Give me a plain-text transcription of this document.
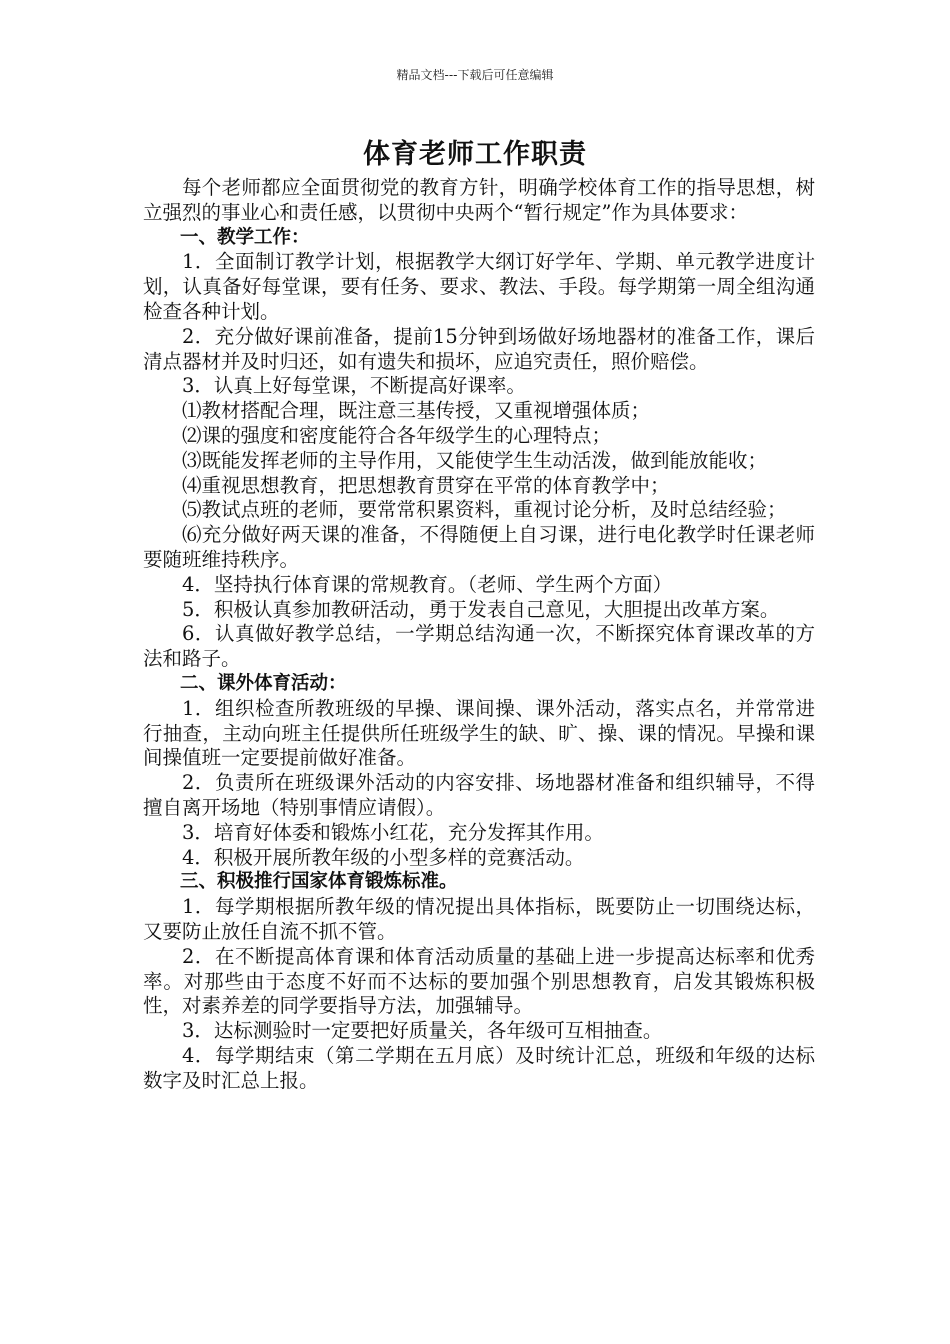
精品文档---下载后可任意编辑
体育老师工作职责

每个老师都应全面贯彻党的教育方针，明确学校体育工作的指导思想，树立强烈的事业心和责任感，以贯彻中央两个“暂行规定”作为具体要求：

一、教学工作：

1．全面制订教学计划，根据教学大纲订好学年、学期、单元教学进度计划，认真备好每堂课，要有任务、要求、教法、手段。每学期第一周全组沟通检查各种计划。

2．充分做好课前准备，提前15分钟到场做好场地器材的准备工作，课后清点器材并及时归还，如有遗失和损坏，应追究责任，照价赔偿。

3．认真上好每堂课，不断提高好课率。

⑴教材搭配合理，既注意三基传授，又重视增强体质；

⑵课的强度和密度能符合各年级学生的心理特点；

⑶既能发挥老师的主导作用，又能使学生生动活泼，做到能放能收；

⑷重视思想教育，把思想教育贯穿在平常的体育教学中；

⑸教试点班的老师，要常常积累资料，重视讨论分析，及时总结经验；

⑹充分做好两天课的准备，不得随便上自习课，进行电化教学时任课老师要随班维持秩序。

4．坚持执行体育课的常规教育。（老师、学生两个方面）

5．积极认真参加教研活动，勇于发表自己意见，大胆提出改革方案。

6．认真做好教学总结，一学期总结沟通一次，不断探究体育课改革的方法和路子。

二、课外体育活动：

1．组织检查所教班级的早操、课间操、课外活动，落实点名，并常常进行抽查，主动向班主任提供所任班级学生的缺、旷、操、课的情况。早操和课间操值班一定要提前做好准备。

2．负责所在班级课外活动的内容安排、场地器材准备和组织辅导，不得擅自离开场地（特别事情应请假）。

3．培育好体委和锻炼小红花，充分发挥其作用。

4．积极开展所教年级的小型多样的竞赛活动。

三、积极推行国家体育锻炼标准。

1．每学期根据所教年级的情况提出具体指标，既要防止一切围绕达标，又要防止放任自流不抓不管。

2．在不断提高体育课和体育活动质量的基础上进一步提高达标率和优秀率。对那些由于态度不好而不达标的要加强个别思想教育，启发其锻炼积极性，对素养差的同学要指导方法，加强辅导。

3．达标测验时一定要把好质量关，各年级可互相抽查。

4．每学期结束（第二学期在五月底）及时统计汇总，班级和年级的达标数字及时汇总上报。
